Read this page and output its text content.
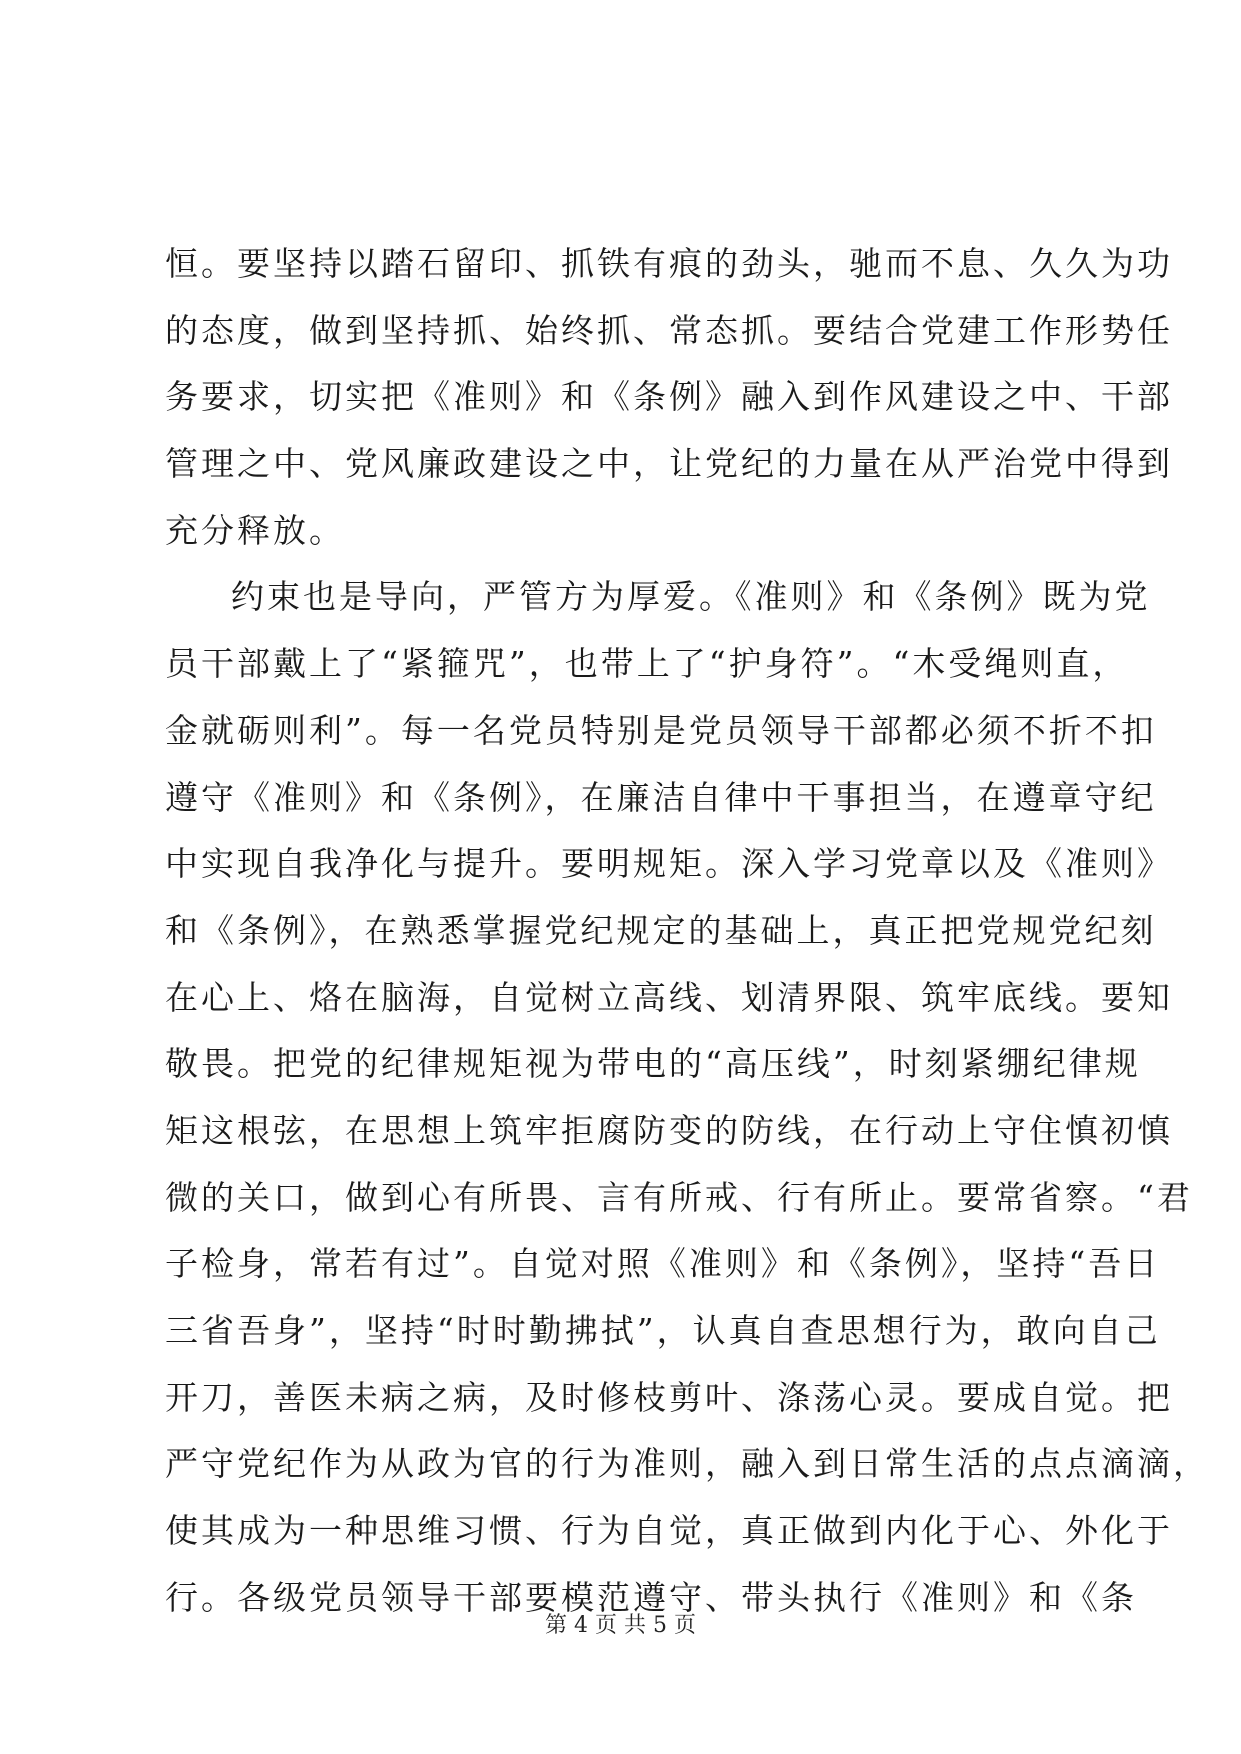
恒。要坚持以踏石留印、抓铁有痕的劲头，驰而不息、久久为功
的态度，做到坚持抓、始终抓、常态抓。要结合党建工作形势任
务要求，切实把《准则》和《条例》融入到作风建设之中、干部
管理之中、党风廉政建设之中，让党纪的力量在从严治党中得到
充分释放。
约束也是导向，严管方为厚爱。《准则》和《条例》既为党
员干部戴上了“紧箍咒”，也带上了“护身符”。“木受绳则直，
金就砺则利”。每一名党员特别是党员领导干部都必须不折不扣
遵守《准则》和《条例》，在廉洁自律中干事担当，在遵章守纪
中实现自我净化与提升。要明规矩。深入学习党章以及《准则》
和《条例》，在熟悉掌握党纪规定的基础上，真正把党规党纪刻
在心上、烙在脑海，自觉树立高线、划清界限、筑牢底线。要知
敬畏。把党的纪律规矩视为带电的“高压线”，时刻紧绷纪律规
矩这根弦，在思想上筑牢拒腐防变的防线，在行动上守住慎初慎
微的关口，做到心有所畏、言有所戒、行有所止。要常省察。“君
子检身，常若有过”。自觉对照《准则》和《条例》，坚持“吾日
三省吾身”，坚持“时时勤拂拭”，认真自查思想行为，敢向自己
开刀，善医未病之病，及时修枝剪叶、涤荡心灵。要成自觉。把
严守党纪作为从政为官的行为准则，融入到日常生活的点点滴滴，
使其成为一种思维习惯、行为自觉，真正做到内化于心、外化于
行。各级党员领导干部要模范遵守、带头执行《准则》和《条
第 4 页 共 5 页
